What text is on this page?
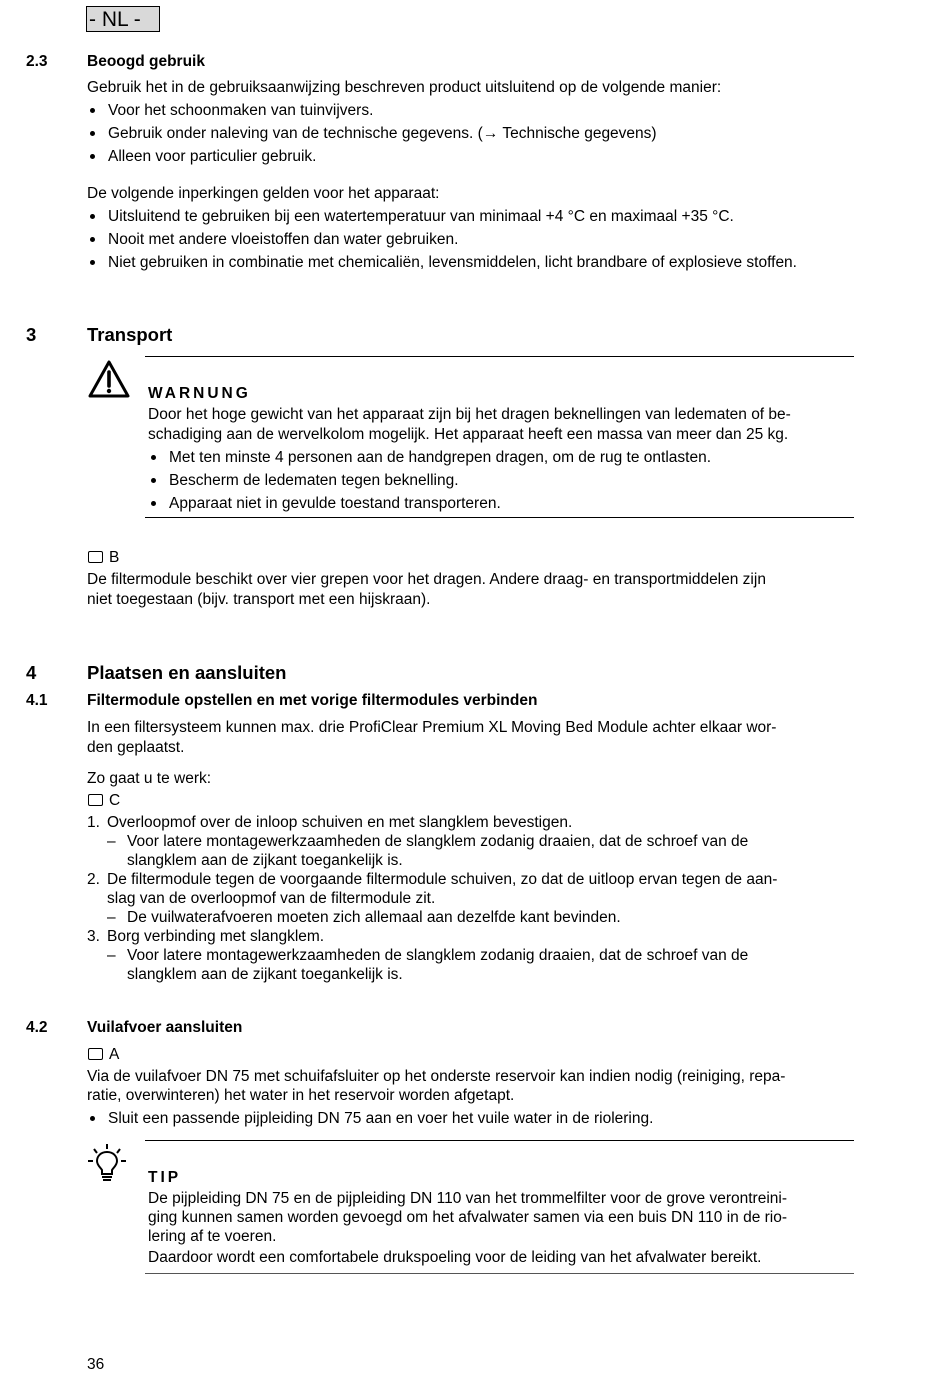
- NL -
2.3	Beoogd gebruik
Gebruik het in de gebruiksaanwijzing beschreven product uitsluitend op de volgende manier:
Voor het schoonmaken van tuinvijvers.
Gebruik onder naleving van de technische gegevens. (→ Technische gegevens)
Alleen voor particulier gebruik.
De volgende inperkingen gelden voor het apparaat:
Uitsluitend te gebruiken bij een watertemperatuur van minimaal +4 °C en maximaal +35 °C.
Nooit met andere vloeistoffen dan water gebruiken.
Niet gebruiken in combinatie met chemicaliën, levensmiddelen, licht brandbare of explosieve stoffen.
3	Transport
WARNUNG
Door het hoge gewicht van het apparaat zijn bij het dragen beknellingen van ledematen of be-
schadiging aan de wervelkolom mogelijk. Het apparaat heeft een massa van meer dan 25 kg.
Met ten minste 4 personen aan de handgrepen dragen, om de rug te ontlasten.
Bescherm de ledematen tegen beknelling.
Apparaat niet in gevulde toestand transporteren.
B
De filtermodule beschikt over vier grepen voor het dragen. Andere draag- en transportmiddelen zijn
niet toegestaan (bijv. transport met een hijskraan).
4	Plaatsen en aansluiten
4.1	Filtermodule opstellen en met vorige filtermodules verbinden
In een filtersysteem kunnen max. drie ProfiClear Premium XL Moving Bed Module achter elkaar wor-
den geplaatst.
Zo gaat u te werk:
C
1. Overloopmof over de inloop schuiven en met slangklem bevestigen.
– Voor latere montagewerkzaamheden de slangklem zodanig draaien, dat de schroef van de
slangklem aan de zijkant toegankelijk is.
2. De filtermodule tegen de voorgaande filtermodule schuiven, zo dat de uitloop ervan tegen de aan-
slag van de overloopmof van de filtermodule zit.
– De vuilwaterafvoeren moeten zich allemaal aan dezelfde kant bevinden.
3. Borg verbinding met slangklem.
– Voor latere montagewerkzaamheden de slangklem zodanig draaien, dat de schroef van de
slangklem aan de zijkant toegankelijk is.
4.2	Vuilafvoer aansluiten
A
Via de vuilafvoer DN 75 met schuifafsluiter op het onderste reservoir kan indien nodig (reiniging, repa-
ratie, overwinteren) het water in het reservoir worden afgetapt.
Sluit een passende pijpleiding DN 75 aan en voer het vuile water in de riolering.
TIP
De pijpleiding DN 75 en de pijpleiding DN 110 van het trommelfilter voor de grove verontreini-
ging kunnen samen worden gevoegd om het afvalwater samen via een buis DN 110 in de rio-
lering af te voeren.
Daardoor wordt een comfortabele drukspoeling voor de leiding van het afvalwater bereikt.
36
